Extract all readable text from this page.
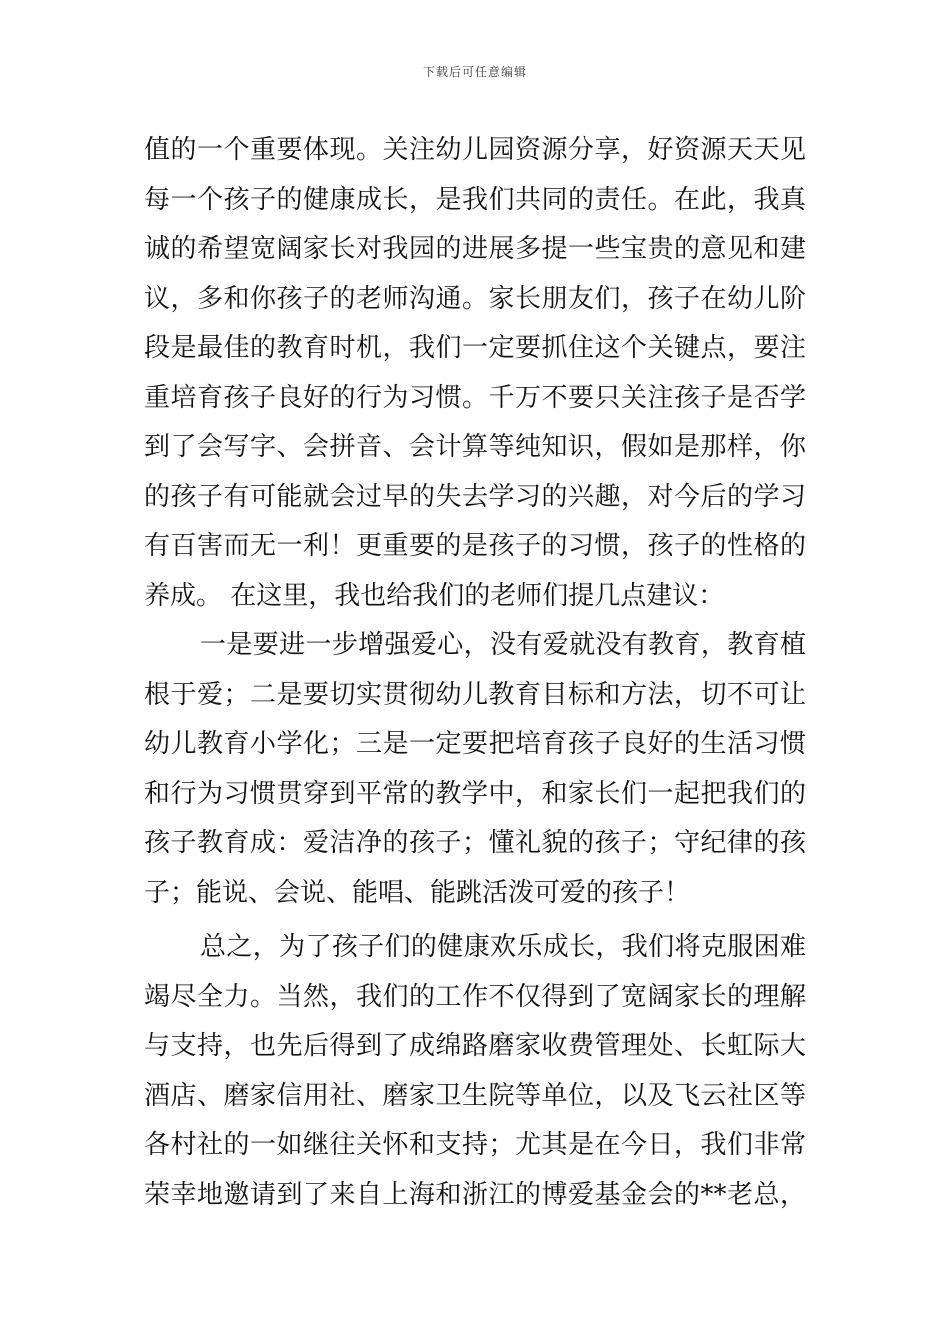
下载后可任意编辑
值的一个重要体现。关注幼儿园资源分享，好资源天天见
每一个孩子的健康成长，是我们共同的责任。在此，我真
诚的希望宽阔家长对我园的进展多提一些宝贵的意见和建
议，多和你孩子的老师沟通。家长朋友们，孩子在幼儿阶
段是最佳的教育时机，我们一定要抓住这个关键点，要注
重培育孩子良好的行为习惯。千万不要只关注孩子是否学
到了会写字、会拼音、会计算等纯知识，假如是那样，你
的孩子有可能就会过早的失去学习的兴趣，对今后的学习
有百害而无一利！更重要的是孩子的习惯，孩子的性格的
养成。 在这里，我也给我们的老师们提几点建议：
一是要进一步增强爱心，没有爱就没有教育，教育植
根于爱；二是要切实贯彻幼儿教育目标和方法，切不可让
幼儿教育小学化；三是一定要把培育孩子良好的生活习惯
和行为习惯贯穿到平常的教学中，和家长们一起把我们的
孩子教育成：爱洁净的孩子；懂礼貌的孩子；守纪律的孩
子；能说、会说、能唱、能跳活泼可爱的孩子！
总之，为了孩子们的健康欢乐成长，我们将克服困难
竭尽全力。当然，我们的工作不仅得到了宽阔家长的理解
与支持，也先后得到了成绵路磨家收费管理处、长虹际大
酒店、磨家信用社、磨家卫生院等单位，以及飞云社区等
各村社的一如继往关怀和支持；尤其是在今日，我们非常
荣幸地邀请到了来自上海和浙江的博爱基金会的**老总，
